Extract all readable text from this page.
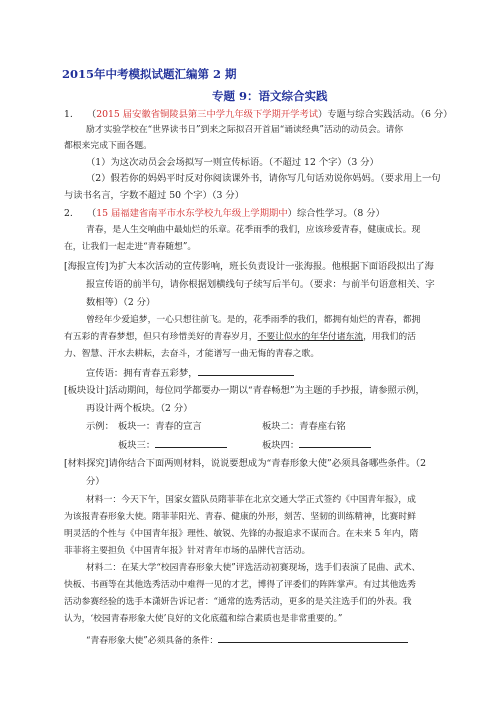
2015年中考模拟试题汇编第 2 期
专题 9：语文综合实践
1. （2015 届安徽省铜陵县第三中学九年级下学期开学考试）专题与综合实践活动。（6 分）
励才实验学校在“世界读书日”到来之际拟召开首届“诵读经典”活动的动员会。请你
都根来完成下面各题。
（1）为这次动员会会场拟写一则宣传标语。（不超过 12 个字）（3 分）
（2）假若你的妈妈平时反对你阅读课外书，请你写几句话劝说你妈妈。（要求用上一句
与读书名言，字数不超过 50 个字）（3 分）
2. （15 届福建省南平市水东学校九年级上学期期中）综合性学习。（8 分）
青春，是人生交响曲中最灿烂的乐章。花季雨季的我们，应该珍爱青春，健康成长。现
在，让我们一起走进“青春随想”。
[海报宣传]为扩大本次活动的宣传影响，班长负责设计一张海报。他根据下面语段拟出了海
报宣传语的前半句，请你根据划横线句子续写后半句。（要求：与前半句语意相关、字
数相等）（2 分）
曾经年少爱追梦，一心只想往前飞。是的，花季雨季的我们，都拥有灿烂的青春，都拥
有五彩的青春梦想，但只有珍惜美好的青春岁月，不要让似水的年华付诸东流，用我们的活
力、智慧、汗水去耕耘，去奋斗，才能谱写一曲无悔的青春之歌。
宣传语：拥有青春五彩梦，
[板块设计]活动期间，每位同学都要办一期以“青春畅想”为主题的手抄报，请参照示例，
再设计两个板块。（2 分）
示例： 板块一：青春的宣言	板块二：青春座右铭
板块三：	板块四：
[材料探究]请你结合下面两则材料，说说要想成为“青春形象大使”必须具备哪些条件。（2
分）
材料一：今天下午，国家女篮队员隋菲菲在北京交通大学正式签约《中国青年报》，成
为该报青春形象大使。隋菲菲阳光、青春、健康的外形，刻苦、坚韧的训练精神，比赛时鲜
明灵活的个性与《中国青年报》理性、敏锐、先锋的办报追求不谋而合。在未来 5 年内，隋
菲菲将主要担负《中国青年报》针对青年市场的品牌代言活动。
材料二：在某大学“校园青春形象大使”评选活动初赛现场，选手们表演了昆曲、武术、
快板、书画等在其他选秀活动中难得一见的才艺，博得了评委们的阵阵掌声。有过其他选秀
活动参赛经验的选手本潇妍告诉记者：“通常的选秀活动，更多的是关注选手们的外表。我
认为，‘校园青春形象大使’良好的文化底蕴和综合素质也是非常重要的。”
“青春形象大使”必须具备的条件：
